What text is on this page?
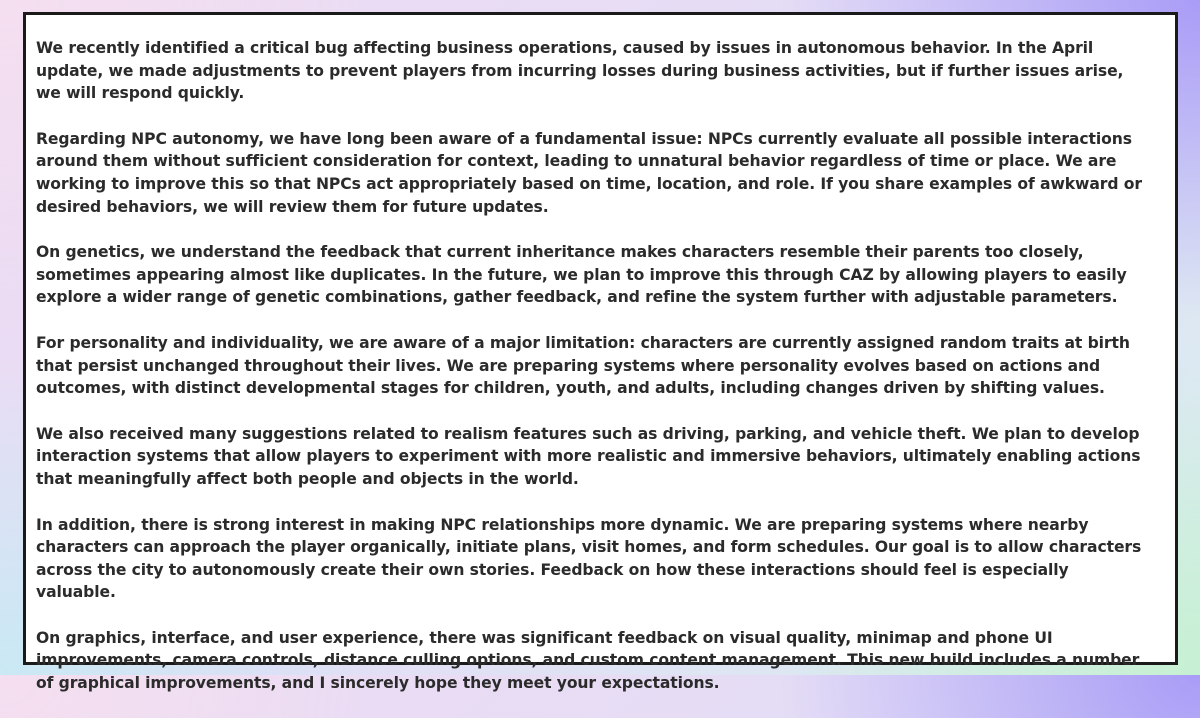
We recently identified a critical bug affecting business operations, caused by issues in autonomous behavior. In the April update, we made adjustments to prevent players from incurring losses during business activities, but if further issues arise, we will respond quickly.

Regarding NPC autonomy, we have long been aware of a fundamental issue: NPCs currently evaluate all possible interactions around them without sufficient consideration for context, leading to unnatural behavior regardless of time or place. We are working to improve this so that NPCs act appropriately based on time, location, and role. If you share examples of awkward or desired behaviors, we will review them for future updates.

On genetics, we understand the feedback that current inheritance makes characters resemble their parents too closely, sometimes appearing almost like duplicates. In the future, we plan to improve this through CAZ by allowing players to easily explore a wider range of genetic combinations, gather feedback, and refine the system further with adjustable parameters.

For personality and individuality, we are aware of a major limitation: characters are currently assigned random traits at birth that persist unchanged throughout their lives. We are preparing systems where personality evolves based on actions and outcomes, with distinct developmental stages for children, youth, and adults, including changes driven by shifting values.

We also received many suggestions related to realism features such as driving, parking, and vehicle theft. We plan to develop interaction systems that allow players to experiment with more realistic and immersive behaviors, ultimately enabling actions that meaningfully affect both people and objects in the world.

In addition, there is strong interest in making NPC relationships more dynamic. We are preparing systems where nearby characters can approach the player organically, initiate plans, visit homes, and form schedules. Our goal is to allow characters across the city to autonomously create their own stories. Feedback on how these interactions should feel is especially valuable.

On graphics, interface, and user experience, there was significant feedback on visual quality, minimap and phone UI improvements, camera controls, distance culling options, and custom content management. This new build includes a number of graphical improvements, and I sincerely hope they meet your expectations.
